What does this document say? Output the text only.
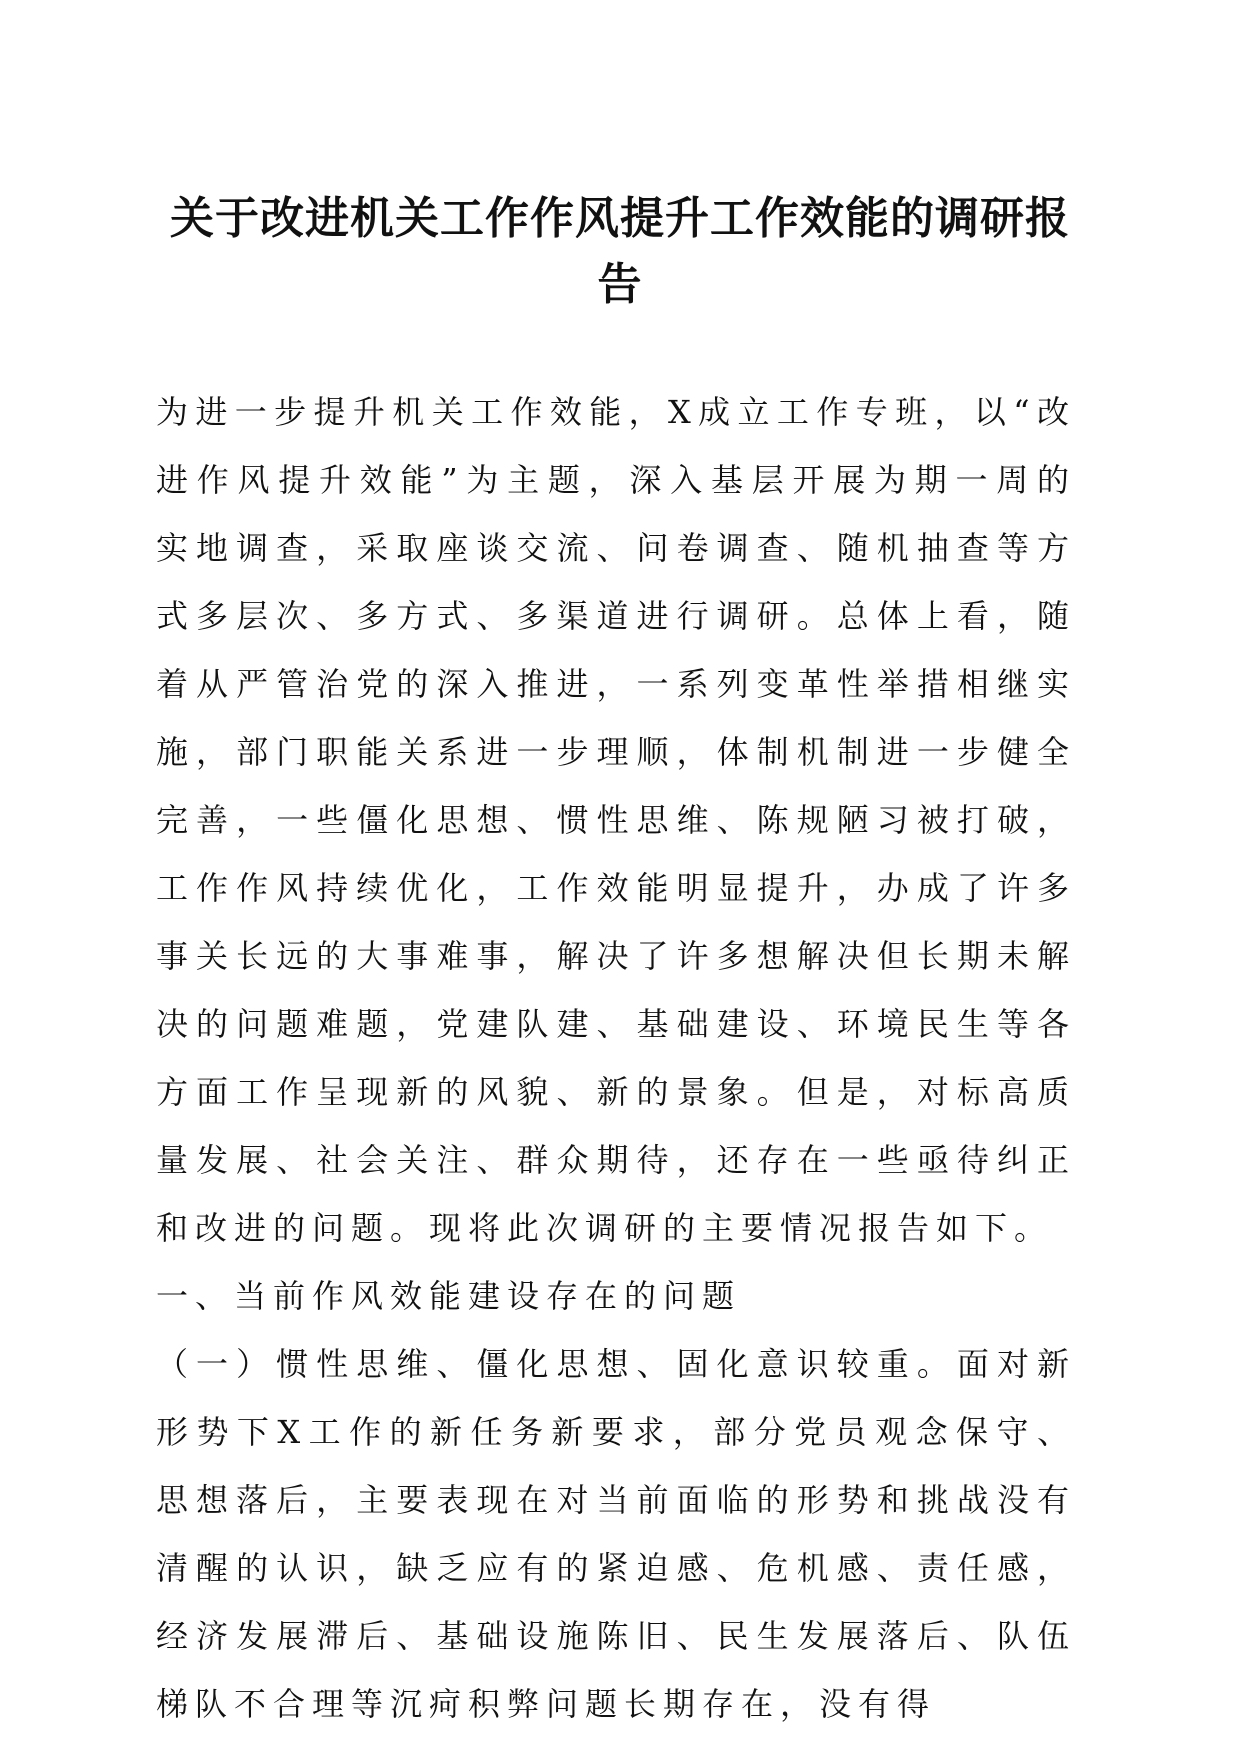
关于改进机关工作作风提升工作效能的调研报告

为进一步提升机关工作效能，X成立工作专班，以“改进作风提升效能”为主题，深入基层开展为期一周的实地调查，采取座谈交流、问卷调查、随机抽查等方式多层次、多方式、多渠道进行调研。总体上看，随着从严管治党的深入推进，一系列变革性举措相继实施，部门职能关系进一步理顺，体制机制进一步健全完善，一些僵化思想、惯性思维、陈规陋习被打破，工作作风持续优化，工作效能明显提升，办成了许多事关长远的大事难事，解决了许多想解决但长期未解决的问题难题，党建队建、基础建设、环境民生等各方面工作呈现新的风貌、新的景象。但是，对标高质量发展、社会关注、群众期待，还存在一些亟待纠正和改进的问题。现将此次调研的主要情况报告如下。

一、当前作风效能建设存在的问题

（一）惯性思维、僵化思想、固化意识较重。面对新形势下X工作的新任务新要求，部分党员观念保守、思想落后，主要表现在对当前面临的形势和挑战没有清醒的认识，缺乏应有的紧迫感、危机感、责任感，经济发展滞后、基础设施陈旧、民生发展落后、队伍梯队不合理等沉疴积弊问题长期存在，没有得
